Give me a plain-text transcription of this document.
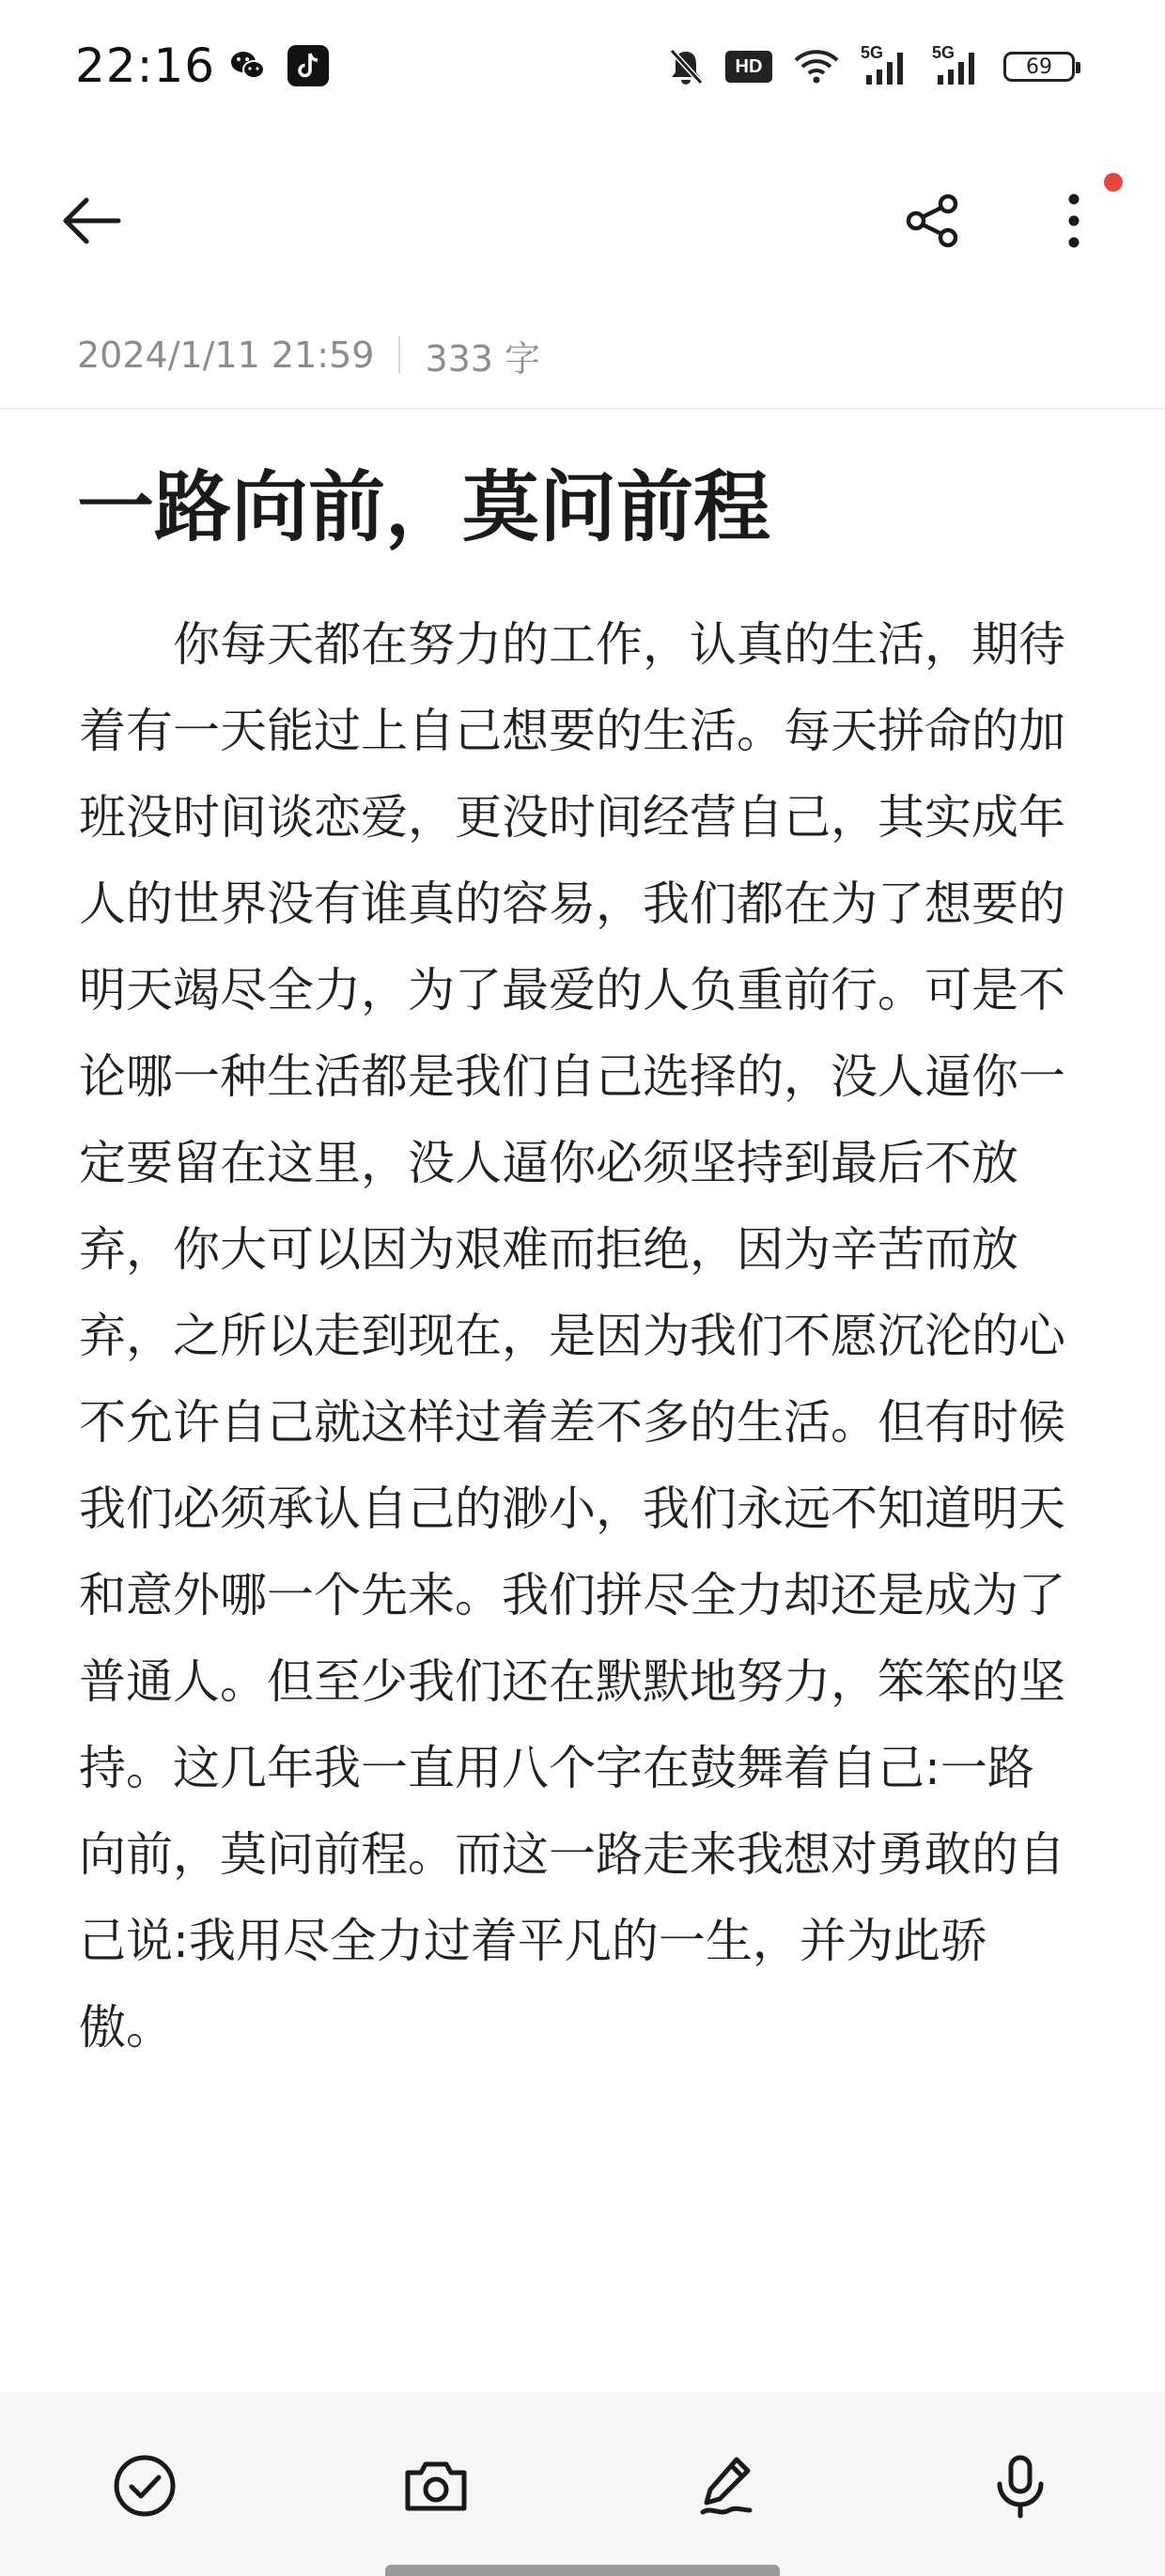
22:16	HD
5G	5G
69
2024/1/11 21:59 333 字
一路向前，莫问前程

你每天都在努力的工作，认真的生活，期待着有一天能过上自己想要的生活。每天拼命的加班没时间谈恋爱，更没时间经营自己，其实成年人的世界没有谁真的容易，我们都在为了想要的明天竭尽全力，为了最爱的人负重前行。可是不论哪一种生活都是我们自己选择的，没人逼你一定要留在这里，没人逼你必须坚持到最后不放弃，你大可以因为艰难而拒绝，因为辛苦而放弃，之所以走到现在，是因为我们不愿沉沦的心不允许自己就这样过着差不多的生活。但有时候我们必须承认自己的渺小，我们永远不知道明天和意外哪一个先来。我们拼尽全力却还是成为了普通人。但至少我们还在默默地努力，笨笨的坚持。这几年我一直用八个字在鼓舞着自己:一路向前，莫问前程。而这一路走来我想对勇敢的自己说:我用尽全力过着平凡的一生，并为此骄傲。
